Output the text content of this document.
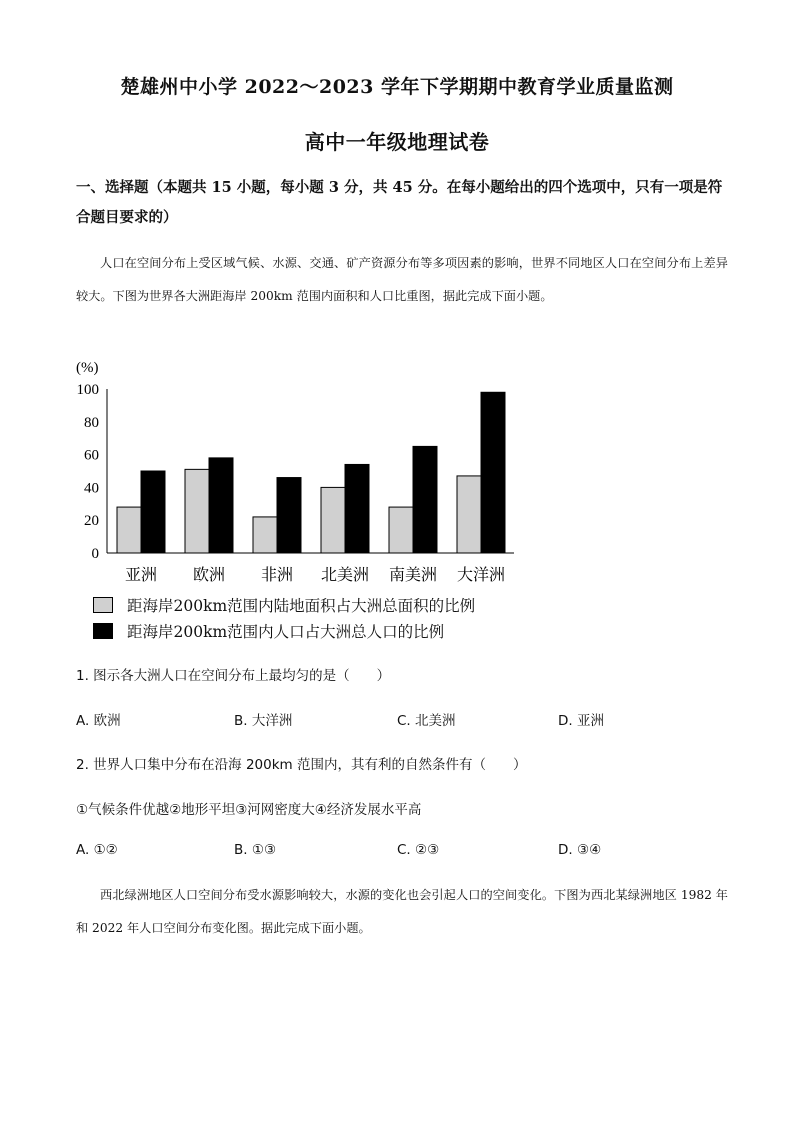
楚雄州中小学 2022～2023 学年下学期期中教育学业质量监测
高中一年级地理试卷
一、选择题（本题共 15 小题，每小题 3 分，共 45 分。在每小题给出的四个选项中，只有一项是符合题目要求的）
人口在空间分布上受区域气候、水源、交通、矿产资源分布等多项因素的影响，世界不同地区人口在空间分布上差异较大。下图为世界各大洲距海岸 200km 范围内面积和人口比重图，据此完成下面小题。
(%)
0
20
40
60
80
100
亚洲 欧洲 非洲 北美洲 南美洲 大洋洲
距海岸200km范围内陆地面积占大洲总面积的比例
距海岸200km范围内人口占大洲总人口的比例
1. 图示各大洲人口在空间分布上最均匀的是（　　）
A. 欧洲	B. 大洋洲	C. 北美洲	D. 亚洲
2. 世界人口集中分布在沿海 200km 范围内，其有利的自然条件有（　　）
①气候条件优越②地形平坦③河网密度大④经济发展水平高
A. ①②	B. ①③	C. ②③	D. ③④
西北绿洲地区人口空间分布受水源影响较大，水源的变化也会引起人口的空间变化。下图为西北某绿洲地区 1982 年和 2022 年人口空间分布变化图。据此完成下面小题。
